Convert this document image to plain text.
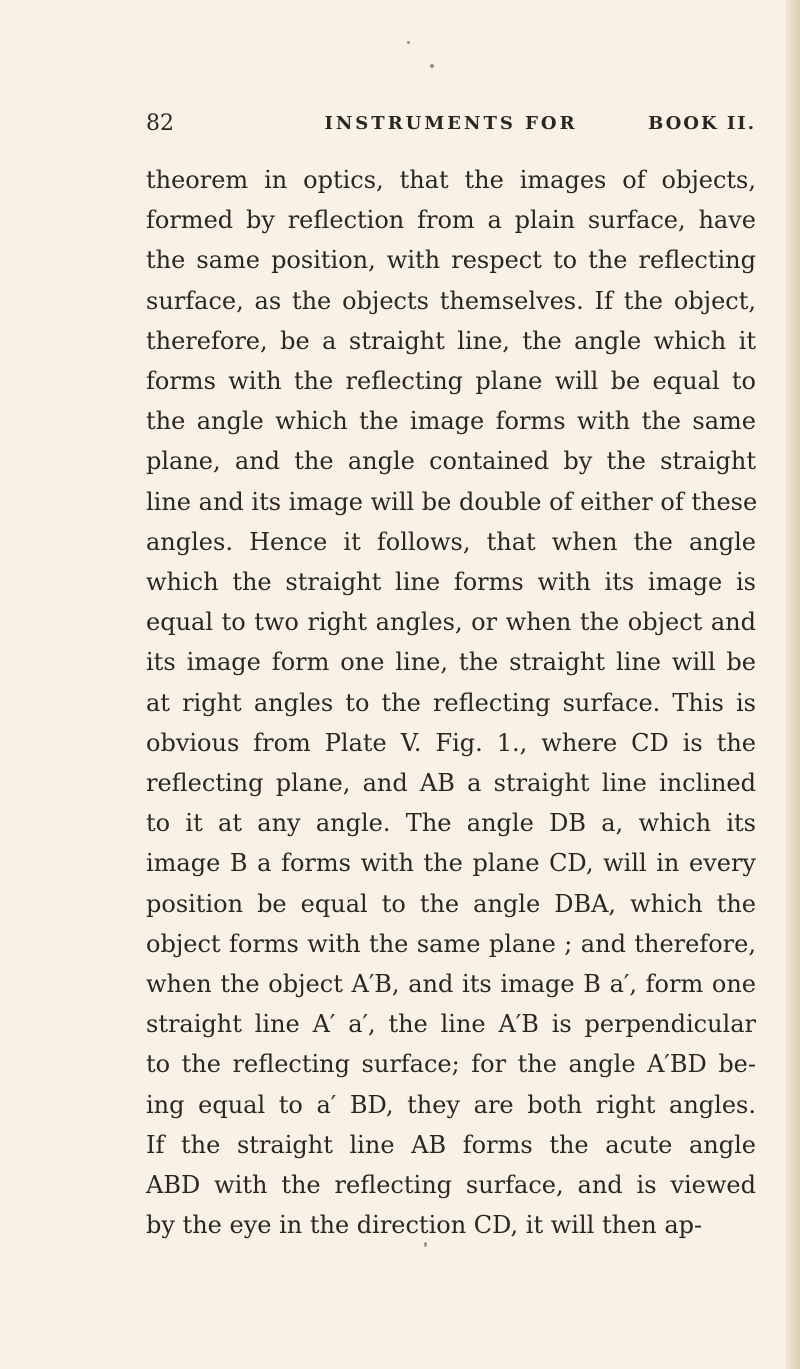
82	INSTRUMENTS FOR	BOOK II.
theorem in optics, that the images of objects,
formed by reflection from a plain surface, have
the same position, with respect to the reflecting
surface, as the objects themselves. If the object,
therefore, be a straight line, the angle which it
forms with the reflecting plane will be equal to
the angle which the image forms with the same
plane, and the angle contained by the straight
line and its image will be double of either of these
angles. Hence it follows, that when the angle
which the straight line forms with its image is
equal to two right angles, or when the object and
its image form one line, the straight line will be
at right angles to the reflecting surface. This is
obvious from Plate V. Fig. 1., where CD is the
reflecting plane, and AB a straight line inclined
to it at any angle. The angle DB a, which its
image B a forms with the plane CD, will in every
position be equal to the angle DBA, which the
object forms with the same plane ; and therefore,
when the object A′B, and its image B a′, form one
straight line A′ a′, the line A′B is perpendicular
to the reflecting surface; for the angle A′BD be-
ing equal to a′ BD, they are both right angles.
If the straight line AB forms the acute angle
ABD with the reflecting surface, and is viewed
by the eye in the direction CD, it will then ap-
